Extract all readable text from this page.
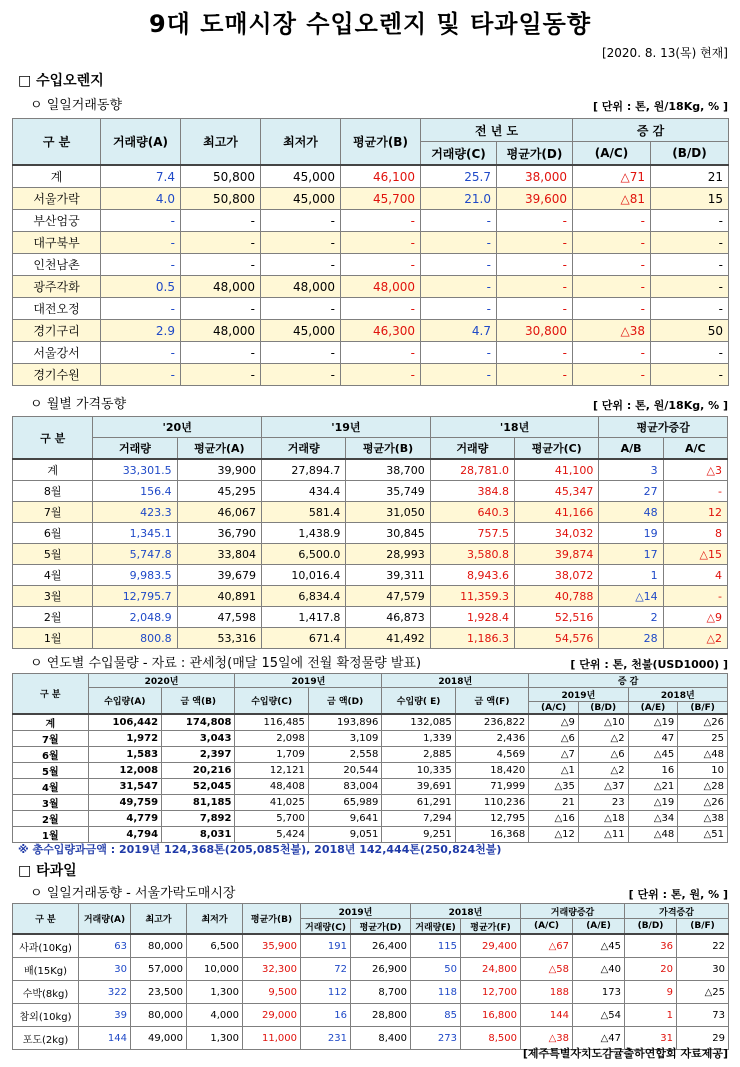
9대 도매시장 수입오렌지 및 타과일동향
[2020. 8. 13(목) 현재]
□ 수입오렌지
ㅇ 일일거래동향	[ 단위 : 톤, 원/18Kg, % ]
구 분	거래량(A)	최고가	최저가	평균가(B)	전 년 도		증 감	
					거래량(C)	평균가(D)	(A/C)	(B/D)
계	7.4	50,800	45,000	46,100	25.7	38,000	△71	21
서울가락	4.0	50,800	45,000	45,700	21.0	39,600	△81	15
부산엄궁	-	-	-	-	-	-	-	-
대구북부	-	-	-	-	-	-	-	-
인천남촌	-	-	-	-	-	-	-	-
광주각화	0.5	48,000	48,000	48,000	-	-	-	-
대전오정	-	-	-	-	-	-	-	-
경기구리	2.9	48,000	45,000	46,300	4.7	30,800	△38	50
서울강서	-	-	-	-	-	-	-	-
경기수원	-	-	-	-	-	-	-	-
ㅇ 월별 가격동향	[ 단위 : 톤, 원/18Kg, % ]
구 분	'20년		'19년		'18년		평균가증감	
	거래량	평균가(A)	거래량	평균가(B)	거래량	평균가(C)	A/B	A/C
계	33,301.5	39,900	27,894.7	38,700	28,781.0	41,100	3	△3
8월	156.4	45,295	434.4	35,749	384.8	45,347	27	-
7월	423.3	46,067	581.4	31,050	640.3	41,166	48	12
6월	1,345.1	36,790	1,438.9	30,845	757.5	34,032	19	8
5월	5,747.8	33,804	6,500.0	28,993	3,580.8	39,874	17	△15
4월	9,983.5	39,679	10,016.4	39,311	8,943.6	38,072	1	4
3월	12,795.7	40,891	6,834.4	47,579	11,359.3	40,788	△14	-
2월	2,048.9	47,598	1,417.8	46,873	1,928.4	52,516	2	△9
1월	800.8	53,316	671.4	41,492	1,186.3	54,576	28	△2
ㅇ 연도별 수입물량 - 자료 : 관세청(매달 15일에 전월 확정물량 발표)	[ 단위 : 톤, 천불(USD1000) ]
구 분	2020년		2019년		2018년		증 감			
	수입량(A)	금 액(B)	수입량(C)	금 액(D)	수입량( E)	금 액(F)	2019년		2018년	
							(A/C)	(B/D)	(A/E)	(B/F)
계	106,442	174,808	116,485	193,896	132,085	236,822	△9	△10	△19	△26
7월	1,972	3,043	2,098	3,109	1,339	2,436	△6	△2	47	25
6월	1,583	2,397	1,709	2,558	2,885	4,569	△7	△6	△45	△48
5월	12,008	20,216	12,121	20,544	10,335	18,420	△1	△2	16	10
4월	31,547	52,045	48,408	83,004	39,691	71,999	△35	△37	△21	△28
3월	49,759	81,185	41,025	65,989	61,291	110,236	21	23	△19	△26
2월	4,779	7,892	5,700	9,641	7,294	12,795	△16	△18	△34	△38
1월	4,794	8,031	5,424	9,051	9,251	16,368	△12	△11	△48	△51
※ 총수입량과금액 : 2019년 124,368톤(205,085천불), 2018년 142,444톤(250,824천불)
□ 타과일
ㅇ 일일거래동향 - 서울가락도매시장	[ 단위 : 톤, 원, % ]
구 분	거래량(A)	최고가	최저가	평균가(B)	2019년		2018년		거래량증감		가격증감	
					거래량(C)	평균가(D)	거래량(E)	평균가(F)	(A/C)	(A/E)	(B/D)	(B/F)
사과(10Kg)	63	80,000	6,500	35,900	191	26,400	115	29,400	△67	△45	36	22
배(15Kg)	30	57,000	10,000	32,300	72	26,900	50	24,800	△58	△40	20	30
수박(8kg)	322	23,500	1,300	9,500	112	8,700	118	12,700	188	173	9	△25
참외(10kg)	39	80,000	4,000	29,000	16	28,800	85	16,800	144	△54	1	73
포도(2kg)	144	49,000	1,300	11,000	231	8,400	273	8,500	△38	△47	31	29
[제주특별자치도감귤출하연합회 자료제공]
